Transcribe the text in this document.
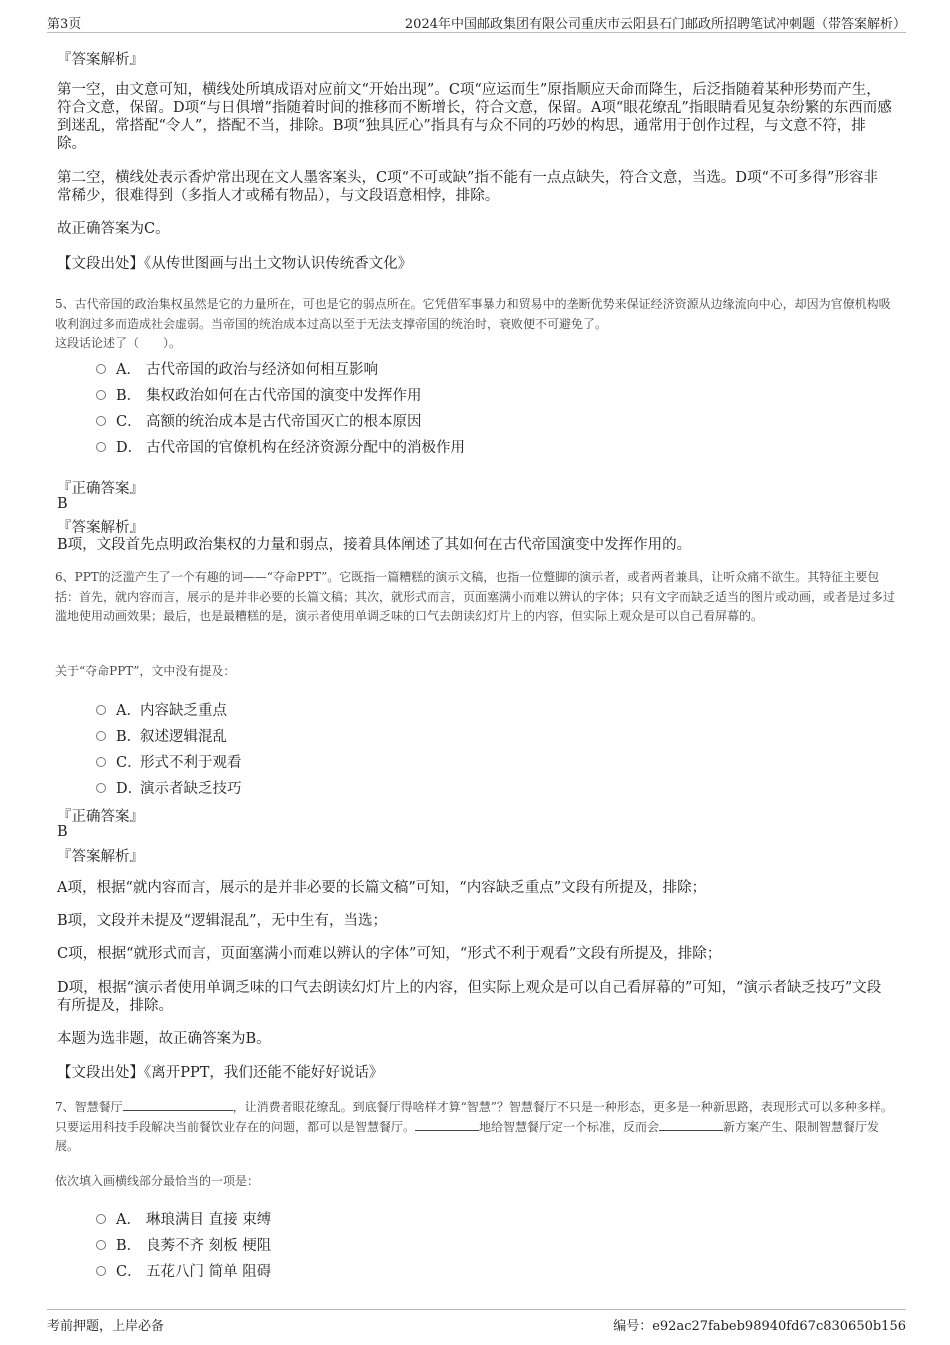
第3页	2024年中国邮政集团有限公司重庆市云阳县石门邮政所招聘笔试冲刺题（带答案解析）
『答案解析』
第一空，由文意可知，横线处所填成语对应前文“开始出现”。C项“应运而生”原指顺应天命而降生，后泛指随着某种形势而产生，符合文意，保留。D项“与日俱增”指随着时间的推移而不断增长，符合文意，保留。A项“眼花缭乱”指眼睛看见复杂纷繁的东西而感到迷乱，常搭配“令人”，搭配不当，排除。B项“独具匠心”指具有与众不同的巧妙的构思，通常用于创作过程，与文意不符，排除。
第二空，横线处表示香炉常出现在文人墨客案头，C项“不可或缺”指不能有一点点缺失，符合文意，当选。D项“不可多得”形容非常稀少，很难得到（多指人才或稀有物品），与文段语意相悖，排除。
故正确答案为C。
【文段出处】《从传世图画与出土文物认识传统香文化》
5、古代帝国的政治集权虽然是它的力量所在，可也是它的弱点所在。它凭借军事暴力和贸易中的垄断优势来保证经济资源从边缘流向中心，却因为官僚机构吸收利润过多而造成社会虚弱。当帝国的统治成本过高以至于无法支撑帝国的统治时，衰败便不可避免了。
这段话论述了（　　）。
A． 古代帝国的政治与经济如何相互影响
B． 集权政治如何在古代帝国的演变中发挥作用
C． 高额的统治成本是古代帝国灭亡的根本原因
D． 古代帝国的官僚机构在经济资源分配中的消极作用
『正确答案』
B
『答案解析』
B项，文段首先点明政治集权的力量和弱点，接着具体阐述了其如何在古代帝国演变中发挥作用的。
6、PPT的泛滥产生了一个有趣的词——“夺命PPT”。它既指一篇糟糕的演示文稿，也指一位蹩脚的演示者，或者两者兼具，让听众痛不欲生。其特征主要包括：首先，就内容而言，展示的是并非必要的长篇文稿；其次，就形式而言，页面塞满小而难以辨认的字体；只有文字而缺乏适当的图片或动画，或者是过多过滥地使用动画效果；最后，也是最糟糕的是，演示者使用单调乏味的口气去朗读幻灯片上的内容，但实际上观众是可以自己看屏幕的。
关于“夺命PPT”，文中没有提及：
A．内容缺乏重点
B．叙述逻辑混乱
C．形式不利于观看
D．演示者缺乏技巧
『正确答案』
B
『答案解析』
A项，根据“就内容而言，展示的是并非必要的长篇文稿”可知，“内容缺乏重点”文段有所提及，排除；
B项，文段并未提及“逻辑混乱”，无中生有，当选；
C项，根据“就形式而言，页面塞满小而难以辨认的字体”可知，“形式不利于观看”文段有所提及，排除；
D项，根据“演示者使用单调乏味的口气去朗读幻灯片上的内容，但实际上观众是可以自己看屏幕的”可知，“演示者缺乏技巧”文段有所提及，排除。
本题为选非题，故正确答案为B。
【文段出处】《离开PPT，我们还能不能好好说话》
7、智慧餐厅	，让消费者眼花缭乱。到底餐厅得啥样才算“智慧”？智慧餐厅不只是一种形态，更多是一种新思路，表现形式可以多种多样。只要运用科技手段解决当前餐饮业存在的问题，都可以是智慧餐厅。	地给智慧餐厅定一个标准，反而会	新方案产生、限制智慧餐厅发展。
依次填入画横线部分最恰当的一项是：
A． 琳琅满目 直接 束缚
B． 良莠不齐 刻板 梗阻
C． 五花八门 简单 阻碍
考前押题，上岸必备	编号：e92ac27fabeb98940fd67c830650b156
